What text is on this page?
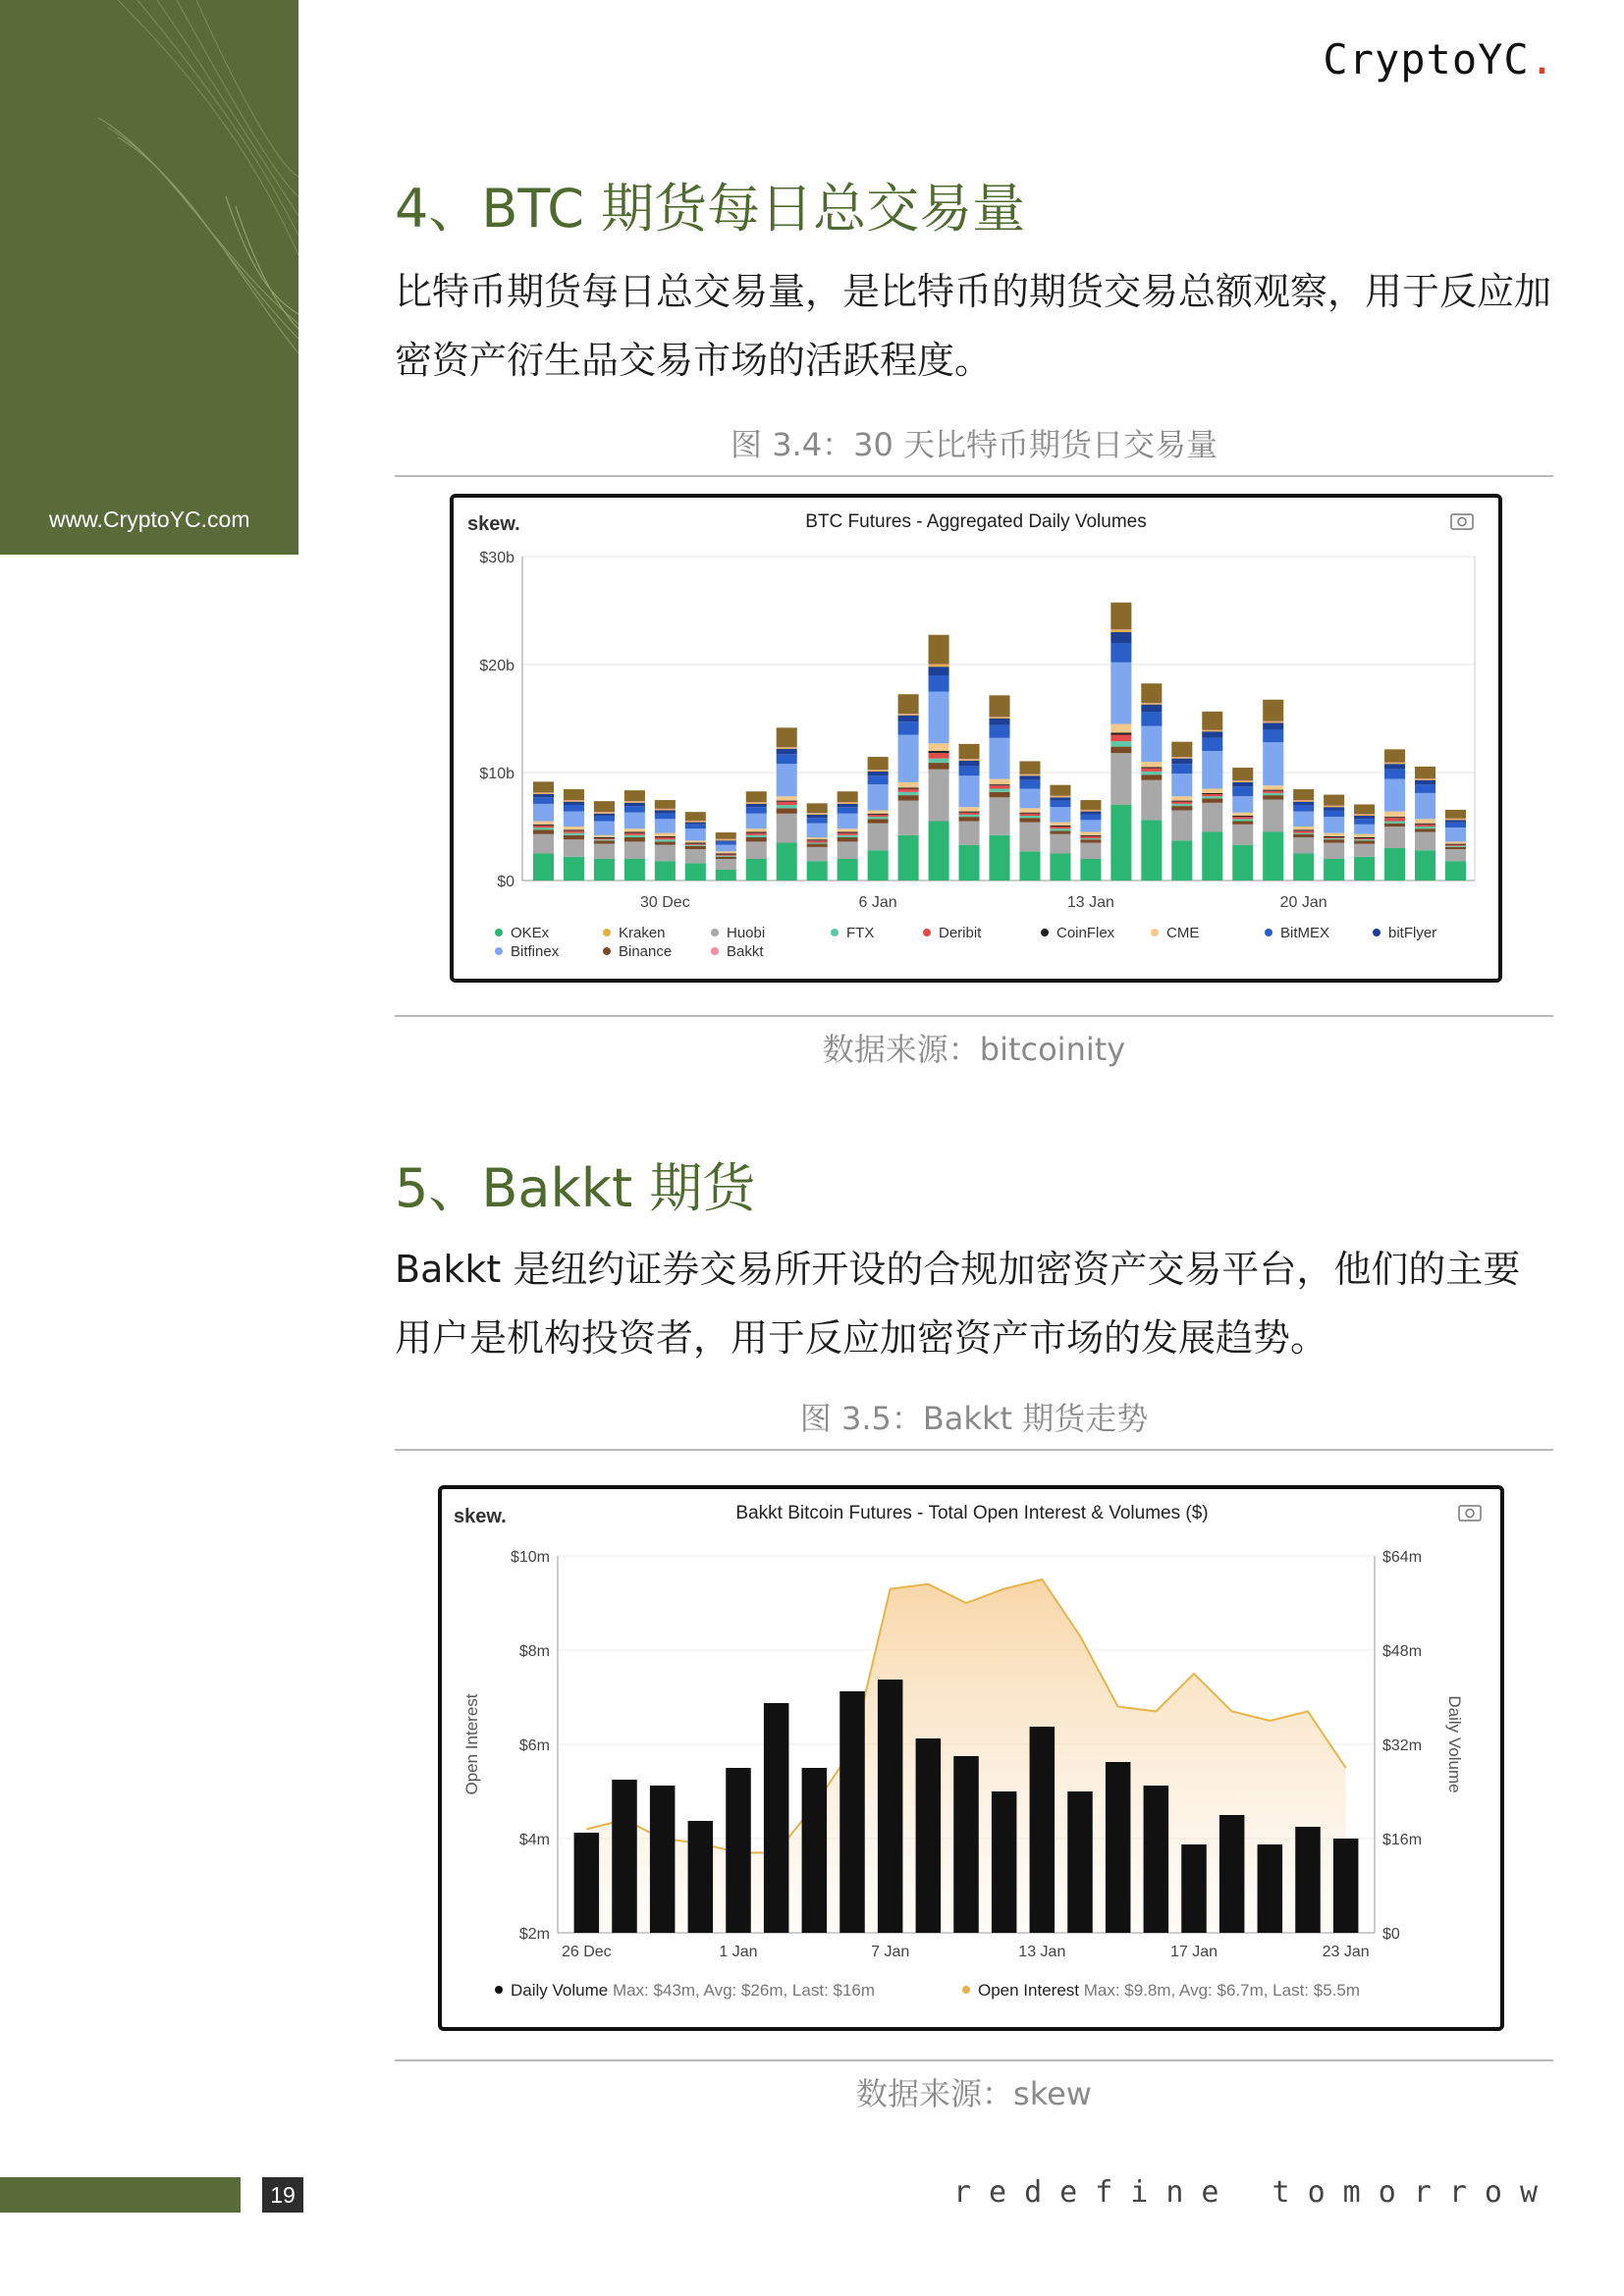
www.CryptoYC.com
CryptoYC.
4、BTC 期货每日总交易量
比特币期货每日总交易量，是比特币的期货交易总额观察，用于反应加密资产衍生品交易市场的活跃程度。
图 3.4：30 天比特币期货日交易量
skew.	BTC Futures - Aggregated Daily Volumes
$0
$10b
$20b
$30b
30 Dec	6 Jan	13 Jan	20 Jan
OKEx	Kraken	Huobi	FTX	Deribit	CoinFlex	CME	BitMEX	bitFlyer
Bitfinex	Binance	Bakkt
数据来源：bitcoinity
5、Bakkt 期货
Bakkt 是纽约证券交易所开设的合规加密资产交易平台，他们的主要用户是机构投资者，用于反应加密资产市场的发展趋势。
图 3.5：Bakkt 期货走势
skew.	Bakkt Bitcoin Futures - Total Open Interest & Volumes ($)
$2m
$4m
$6m
$8m
$10m
$0
$16m
$32m
$48m
$64m
Open Interest	Daily Volume
26 Dec	1 Jan	7 Jan	13 Jan	17 Jan	23 Jan
Daily Volume Max: $43m, Avg: $26m, Last: $16m	Open Interest Max: $9.8m, Avg: $6.7m, Last: $5.5m
数据来源：skew
19	redefine tomorrow
